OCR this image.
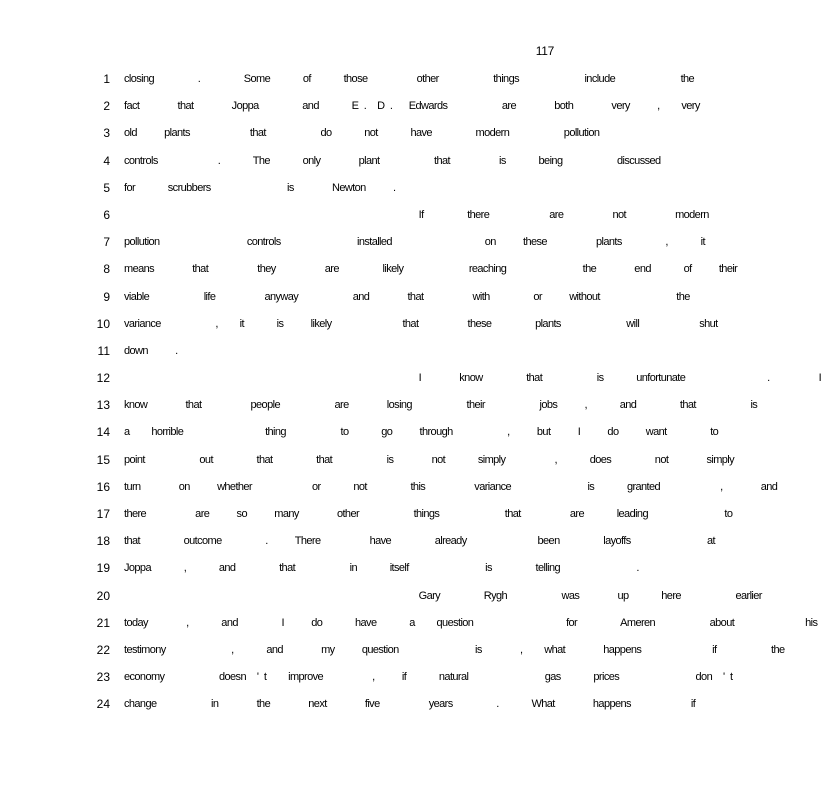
117
1
2
3
4
5
6
7
8
9
10
11
12
13
14
15
16
17
18
19
20
21
22
23
24
closing        .        Some      of      those         other          things            include            the
fact       that       Joppa        and      E .  D .   Edwards          are       both       very     ,    very
old     plants           that          do      not      have        modern          pollution
controls           .      The      only       plant          that         is      being          discussed
for      scrubbers              is       Newton     .
If        there           are         not         modern
pollution                controls              installed                 on     these         plants        ,      it
means       that         they         are        likely            reaching              the       end      of     their
viable          life         anyway          and       that         with        or     without              the
variance          ,    it      is     likely             that         these        plants            will           shut
down     .
I       know        that          is      unfortunate               .         I
know       that         people          are       losing          their          jobs     ,      and        that          is
a    horrible               thing          to      go     through          ,     but     I     do     want        to
point          out        that        that          is       not      simply         ,      does        not       simply
turn       on     whether           or      not        this         variance              is      granted           ,       and
there         are     so     many       other          things            that         are      leading              to
that        outcome        .     There         have        already             been        layoffs              at
Joppa      ,      and        that          in      itself              is        telling              .
Gary        Rygh          was       up      here          earlier
today       ,      and        I     do      have      a    question                 for        Ameren          about             his
testimony            ,      and       my     question              is       ,    what       happens             if          the
economy          doesn  ' t    improve         ,     if      natural              gas      prices              don  ' t
change          in       the       next       five         years        .      What       happens           if
